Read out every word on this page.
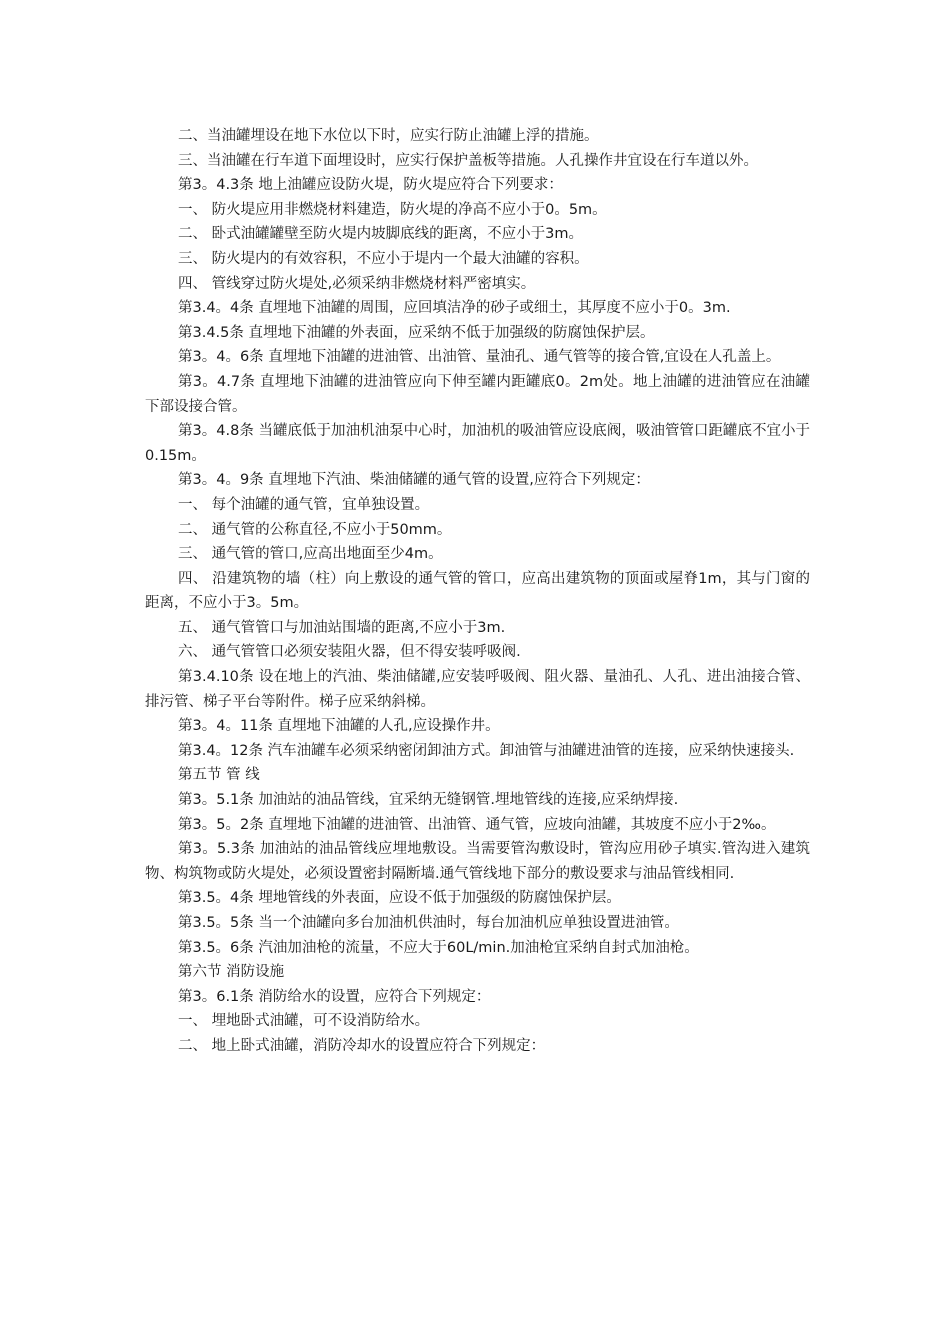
二、当油罐埋设在地下水位以下时，应实行防止油罐上浮的措施。

三、当油罐在行车道下面埋设时，应实行保护盖板等措施。人孔操作井宜设在行车道以外。

第3。4.3条 地上油罐应设防火堤，防火堤应符合下列要求：

一、 防火堤应用非燃烧材料建造，防火堤的净高不应小于0。5m。

二、 卧式油罐罐壁至防火堤内坡脚底线的距离，不应小于3m。

三、 防火堤内的有效容积，不应小于堤内一个最大油罐的容积。

四、 管线穿过防火堤处,必须采纳非燃烧材料严密填实。

第3.4。4条 直埋地下油罐的周围，应回填洁净的砂子或细土，其厚度不应小于0。3m.

第3.4.5条 直埋地下油罐的外表面，应采纳不低于加强级的防腐蚀保护层。

第3。4。6条 直埋地下油罐的进油管、出油管、量油孔、通气管等的接合管,宜设在人孔盖上。

第3。4.7条 直埋地下油罐的进油管应向下伸至罐内距罐底0。2m处。地上油罐的进油管应在油罐下部设接合管。

第3。4.8条 当罐底低于加油机油泵中心时，加油机的吸油管应设底阀，吸油管管口距罐底不宜小于0.15m。

第3。4。9条 直埋地下汽油、柴油储罐的通气管的设置,应符合下列规定：

一、 每个油罐的通气管，宜单独设置。

二、 通气管的公称直径,不应小于50mm。

三、 通气管的管口,应高出地面至少4m。

四、 沿建筑物的墙（柱）向上敷设的通气管的管口，应高出建筑物的顶面或屋脊1m，其与门窗的距离，不应小于3。5m。

五、 通气管管口与加油站围墙的距离,不应小于3m.

六、 通气管管口必须安装阻火器，但不得安装呼吸阀.

第3.4.10条 设在地上的汽油、柴油储罐,应安装呼吸阀、阻火器、量油孔、人孔、进出油接合管、排污管、梯子平台等附件。梯子应采纳斜梯。

第3。4。11条 直埋地下油罐的人孔,应设操作井。

第3.4。12条 汽车油罐车必须采纳密闭卸油方式。卸油管与油罐进油管的连接，应采纳快速接头.

第五节 管 线

第3。5.1条 加油站的油品管线，宜采纳无缝钢管.埋地管线的连接,应采纳焊接.

第3。5。2条 直埋地下油罐的进油管、出油管、通气管，应坡向油罐，其坡度不应小于2‰。

第3。5.3条 加油站的油品管线应埋地敷设。当需要管沟敷设时，管沟应用砂子填实.管沟进入建筑物、构筑物或防火堤处，必须设置密封隔断墙.通气管线地下部分的敷设要求与油品管线相同.

第3.5。4条 埋地管线的外表面，应设不低于加强级的防腐蚀保护层。

第3.5。5条 当一个油罐向多台加油机供油时，每台加油机应单独设置进油管。

第3.5。6条 汽油加油枪的流量，不应大于60L/min.加油枪宜采纳自封式加油枪。

第六节 消防设施

第3。6.1条 消防给水的设置，应符合下列规定：

一、 埋地卧式油罐，可不设消防给水。

二、 地上卧式油罐，消防冷却水的设置应符合下列规定：
